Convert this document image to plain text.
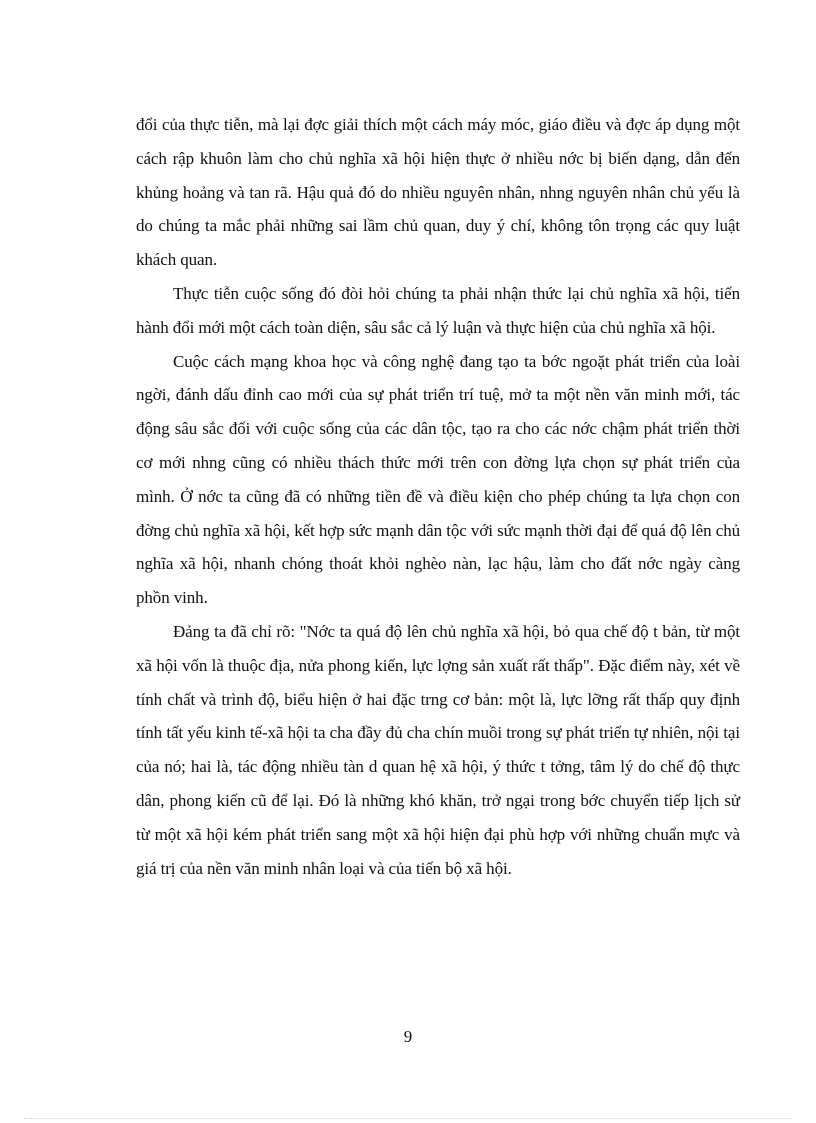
đổi của thực tiễn, mà lại đợc giải thích một cách máy móc, giáo điều và đợc áp dụng một cách rập khuôn làm cho chủ nghĩa xã hội hiện thực ở nhiều nớc bị biến dạng, dẫn đến khủng hoảng và tan rã. Hậu quả đó do nhiều nguyên nhân, nhng nguyên nhân chủ yếu là do chúng ta mắc phải những sai lầm chủ quan, duy ý chí, không tôn trọng các quy luật khách quan.

Thực tiễn cuộc sống đó đòi hỏi chúng ta phải nhận thức lại chủ nghĩa xã hội, tiến hành đổi mới một cách toàn diện, sâu sắc cả lý luận và thực hiện của chủ nghĩa xã hội.

Cuộc cách mạng khoa học và công nghệ đang tạo ta bớc ngoặt phát triển của loài ngời, đánh dấu đỉnh cao mới của sự phát triển trí tuệ, mở ta một nền văn minh mới, tác động sâu sắc đối với cuộc sống của các dân tộc, tạo ra cho các nớc chậm phát triển thời cơ mới nhng cũng có nhiều thách thức mới trên con đờng lựa chọn sự phát triển của mình. Ở nớc ta cũng đã có những tiền đề và điều kiện cho phép chúng ta lựa chọn con đờng chủ nghĩa xã hội, kết hợp sức mạnh dân tộc với sức mạnh thời đại để quá độ lên chủ nghĩa xã hội, nhanh chóng thoát khỏi nghèo nàn, lạc hậu, làm cho đất nớc ngày càng phồn vinh.

Đảng ta đã chỉ rõ: "Nớc ta quá độ lên chủ nghĩa xã hội, bỏ qua chế độ t bản, từ một xã hội vốn là thuộc địa, nửa phong kiến, lực lợng sản xuất rất thấp". Đặc điểm này, xét về tính chất và trình độ, biểu hiện ở hai đặc trng cơ bản: một là, lực lỡng rất thấp quy định tính tất yếu kinh tế-xã hội ta cha đầy đủ cha chín muồi trong sự phát triển tự nhiên, nội tại của nó; hai là, tác động nhiều tàn d quan hệ xã hội, ý thức t tởng, tâm lý do chế độ thực dân, phong kiến cũ để lại. Đó là những khó khăn, trở ngại trong bớc chuyển tiếp lịch sử từ một xã hội kém phát triển sang một xã hội hiện đại phù hợp với những chuẩn mực và giá trị của nền văn minh nhân loại và của tiến bộ xã hội.

9
